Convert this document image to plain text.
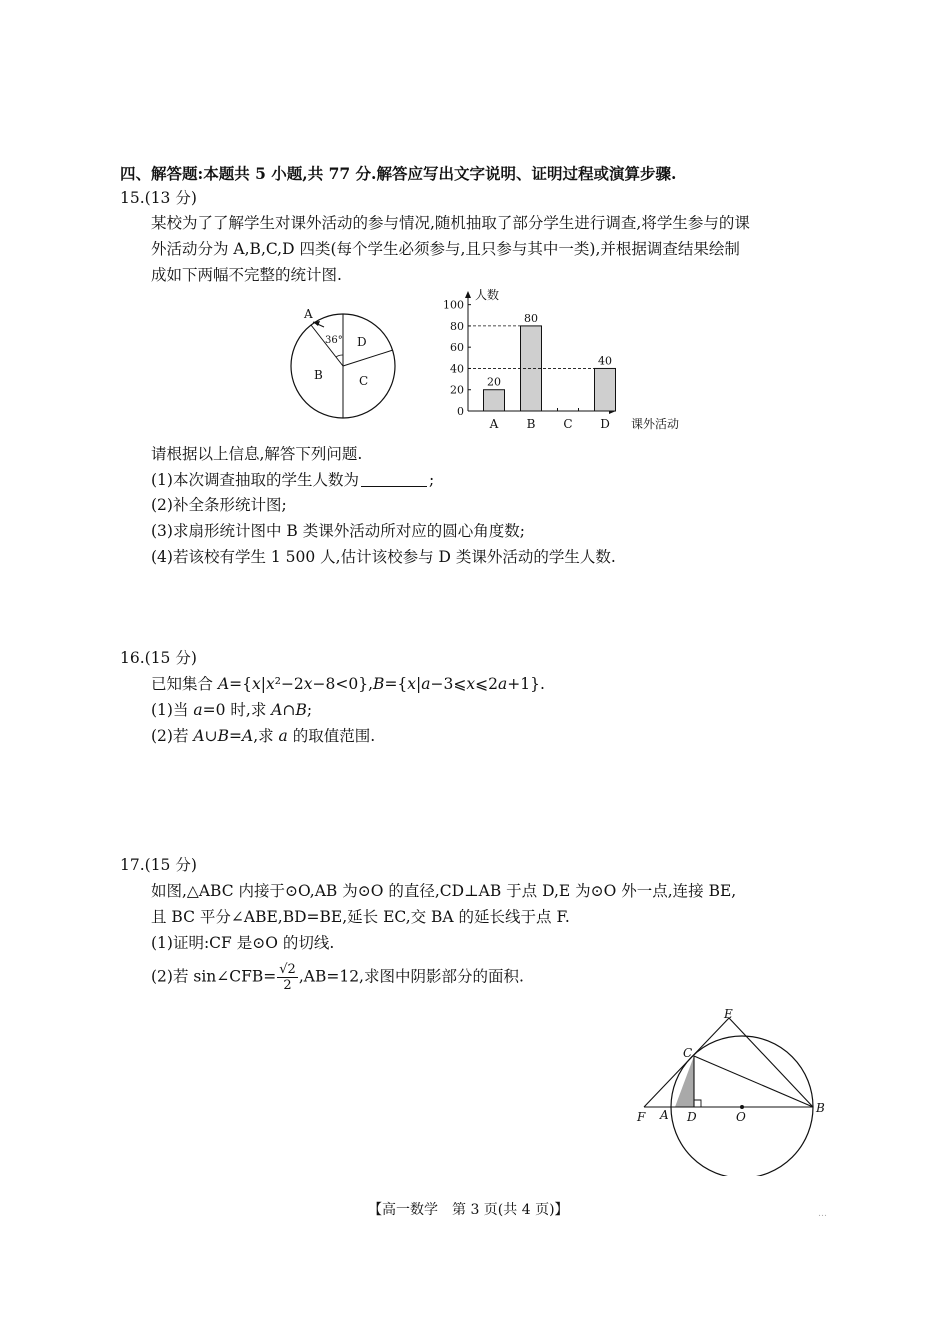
四、解答题:本题共 5 小题,共 77 分.解答应写出文字说明、证明过程或演算步骤.
15.(13 分)
某校为了了解学生对课外活动的参与情况,随机抽取了部分学生进行调查,将学生参与的课
外活动分为 A,B,C,D 四类(每个学生必须参与,且只参与其中一类),并根据调查结果绘制
成如下两幅不完整的统计图.
A
36° D
B	C
0
20
40
60
80
100
人数
课外活动
A
20
B
80
C D
40
请根据以上信息,解答下列问题.
(1)本次调查抽取的学生人数为	;
(2)补全条形统计图;
(3)求扇形统计图中 B 类课外活动所对应的圆心角度数;
(4)若该校有学生 1 500 人,估计该校参与 D 类课外活动的学生人数.
16.(15 分)
已知集合 A={x|x²−2x−8<0},B={x|a−3⩽x⩽2a+1}.
(1)当 a=0 时,求 A∩B;
(2)若 A∪B=A,求 a 的取值范围.
17.(15 分)
如图,△ABC 内接于⊙O,AB 为⊙O 的直径,CD⊥AB 于点 D,E 为⊙O 外一点,连接 BE,
且 BC 平分∠ABE,BD=BE,延长 EC,交 BA 的延长线于点 F.
(1)证明:CF 是⊙O 的切线.
(2)若 sin∠CFB= $\frac{√2}{2} ,AB=12$,求图中阴影部分的面积.
E
C
F A D	O
B
【高一数学　第 3 页(共 4 页)】	…
